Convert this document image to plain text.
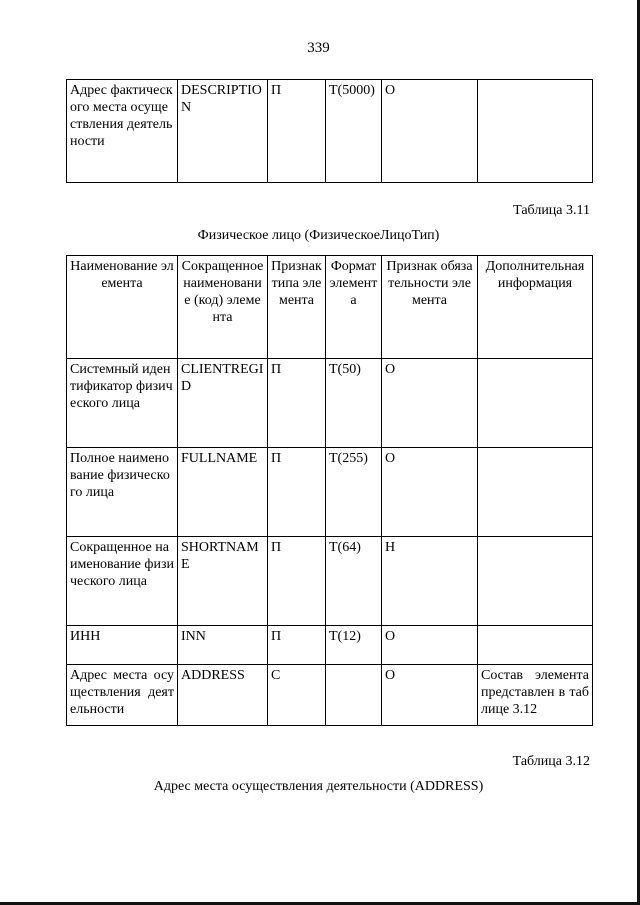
339
Адрес фактического места осуществления деятельности	DESCRIPTION	П	T(5000)	О	
Таблица 3.11
Физическое лицо (ФизическоеЛицоТип)
Наименование элемента	Сокращенное наименование (код) элемента	Признак типа элемента	Формат элемента	Признак обязательности элемента	Дополнительная информация
Системный идентификатор физического лица	CLIENTREGID	П	T(50)	О	
Полное наименование физического лица	FULLNAME	П	T(255)	О	
Сокращенное наименование физического лица	SHORTNAME	П	T(64)	Н	
ИНН	INN	П	T(12)	О	
Адрес места осуществления деятельности	ADDRESS	С		О	Состав элемента представлен в таблице 3.12
Таблица 3.12
Адрес места осуществления деятельности (ADDRESS)
